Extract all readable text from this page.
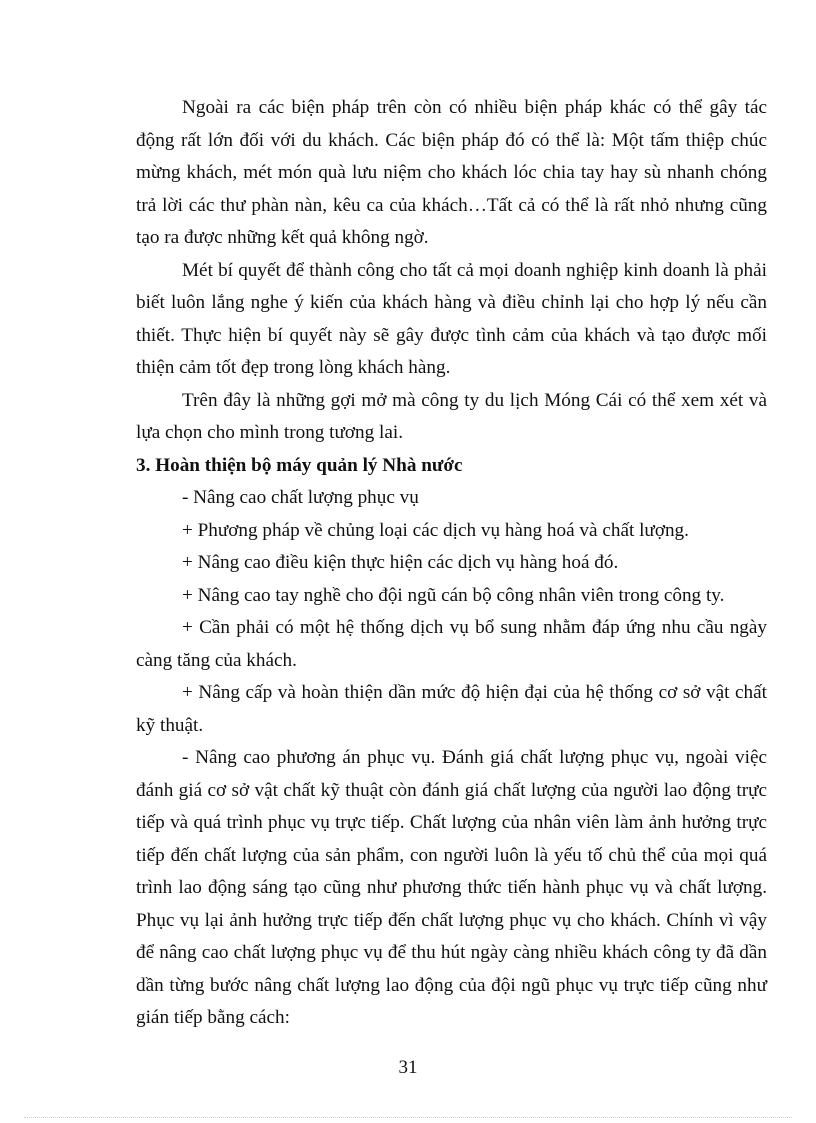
Ngoài ra các biện pháp trên còn có nhiều biện pháp khác có thể gây tác động rất lớn đối với du khách. Các biện pháp đó có thể là: Một tấm thiệp chúc mừng khách, mét món quà lưu niệm cho khách lóc chia tay hay sù nhanh chóng trả lời các thư phàn nàn, kêu ca của khách…Tất cả có thể là rất nhỏ nhưng cũng tạo ra được những kết quả không ngờ.

Mét bí quyết để thành công cho tất cả mọi doanh nghiệp kinh doanh là phải biết luôn lắng nghe ý kiến của khách hàng và điều chỉnh lại cho hợp lý nếu cần thiết. Thực hiện bí quyết này sẽ gây được tình cảm của khách và tạo được mối thiện cảm tốt đẹp trong lòng khách hàng.

Trên đây là những gợi mở mà công ty du lịch Móng Cái có thể xem xét và lựa chọn cho mình trong tương lai.

3. Hoàn thiện bộ máy quản lý Nhà nước

- Nâng cao chất lượng phục vụ

+ Phương pháp về chủng loại các dịch vụ hàng hoá và chất lượng.

+ Nâng cao điều kiện thực hiện các dịch vụ hàng hoá đó.

+ Nâng cao tay nghề cho đội ngũ cán bộ công nhân viên trong công ty.

+ Cần phải có một hệ thống dịch vụ bổ sung nhằm đáp ứng nhu cầu ngày càng tăng của khách.

+ Nâng cấp và hoàn thiện dần mức độ hiện đại của hệ thống cơ sở vật chất kỹ thuật.

- Nâng cao phương án phục vụ. Đánh giá chất lượng phục vụ, ngoài việc đánh giá cơ sở vật chất kỹ thuật còn đánh giá chất lượng của người lao động trực tiếp và quá trình phục vụ trực tiếp. Chất lượng của nhân viên làm ảnh hưởng trực tiếp đến chất lượng của sản phẩm, con người luôn là yếu tố chủ thể của mọi quá trình lao động sáng tạo cũng như phương thức tiến hành phục vụ và chất lượng. Phục vụ lại ảnh hưởng trực tiếp đến chất lượng phục vụ cho khách. Chính vì vậy để nâng cao chất lượng phục vụ để thu hút ngày càng nhiều khách công ty đã dần dần từng bước nâng chất lượng lao động của đội ngũ phục vụ trực tiếp cũng như gián tiếp bằng cách:

31
